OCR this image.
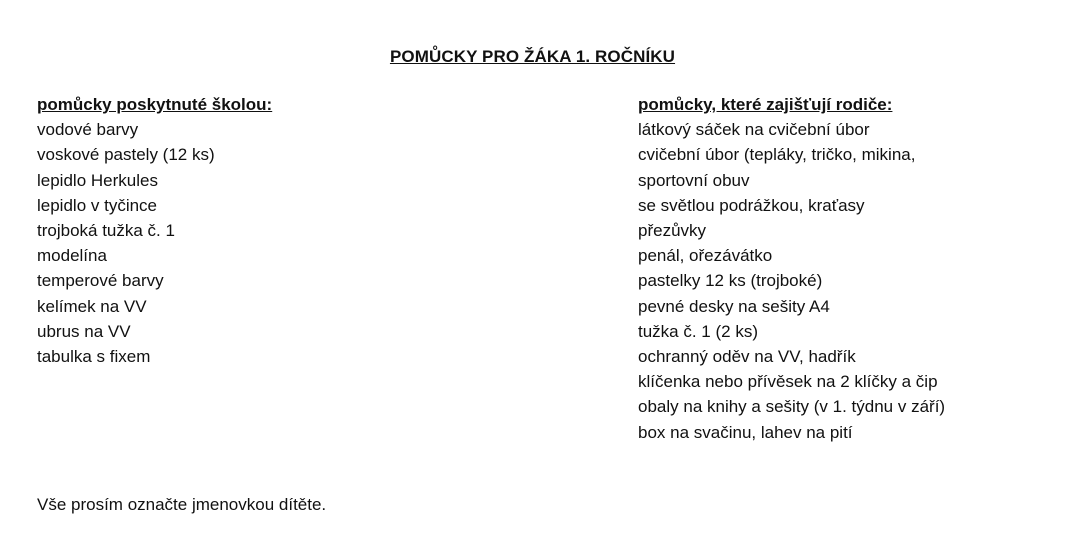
POMŮCKY PRO ŽÁKA 1. ROČNÍKU
pomůcky poskytnuté školou:
vodové barvy
voskové pastely (12 ks)
lepidlo Herkules
lepidlo v tyčince
trojboká tužka č. 1
modelína
temperové barvy
kelímek na VV
ubrus na VV
tabulka s fixem
pomůcky, které zajišťují rodiče:
látkový sáček na cvičební úbor
cvičební úbor (tepláky, tričko, mikina,
sportovní obuv
se světlou podrážkou, kraťasy
přezůvky
penál, ořezávátko
pastelky 12 ks (trojboké)
pevné desky na sešity A4
tužka č. 1 (2 ks)
ochranný oděv na VV, hadřík
klíčenka nebo přívěsek na 2 klíčky a čip
obaly na knihy a sešity (v 1. týdnu v září)
box na svačinu, lahev na pití
Vše prosím označte jmenovkou dítěte.
